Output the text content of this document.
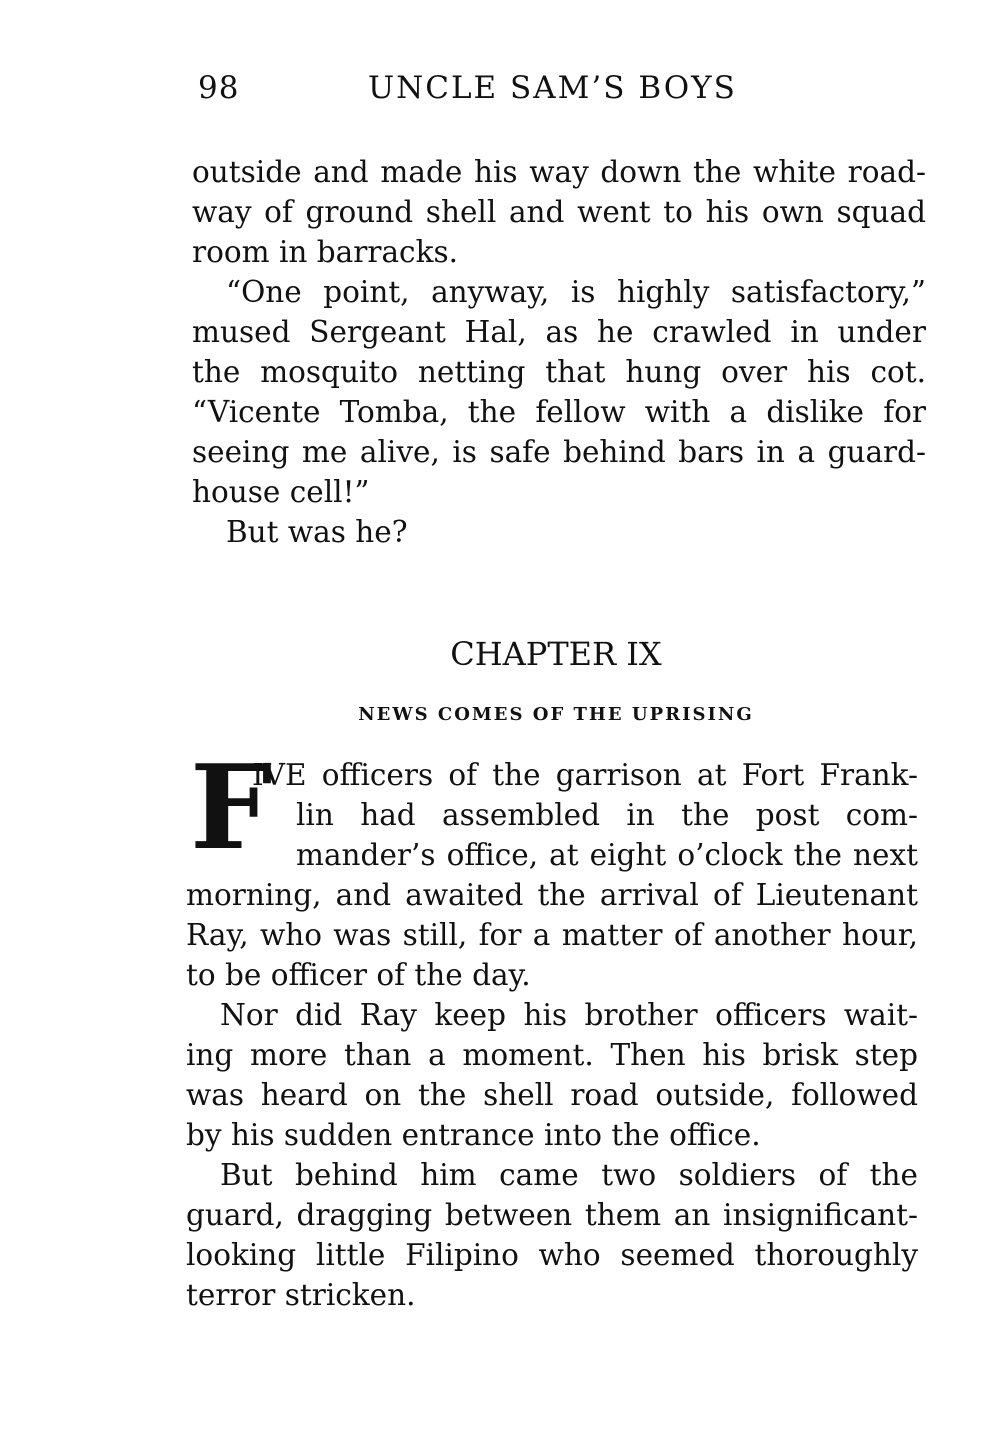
98	UNCLE SAM’S BOYS
outside and made his way down the white road-
way of ground shell and went to his own squad
room in barracks.
“One point, anyway, is highly satisfactory,”
mused Sergeant Hal, as he crawled in under
the mosquito netting that hung over his cot.
“Vicente Tomba, the fellow with a dislike for
seeing me alive, is safe behind bars in a guard-
house cell!”
But was he?
CHAPTER IX
NEWS COMES OF THE UPRISING
F
IVE officers of the garrison at Fort Frank-
lin had assembled in the post com-
mander’s office, at eight o’clock the next
morning, and awaited the arrival of Lieutenant
Ray, who was still, for a matter of another hour,
to be officer of the day.
Nor did Ray keep his brother officers wait-
ing more than a moment. Then his brisk step
was heard on the shell road outside, followed
by his sudden entrance into the office.
But behind him came two soldiers of the
guard, dragging between them an insignificant-
looking little Filipino who seemed thoroughly
terror stricken.
